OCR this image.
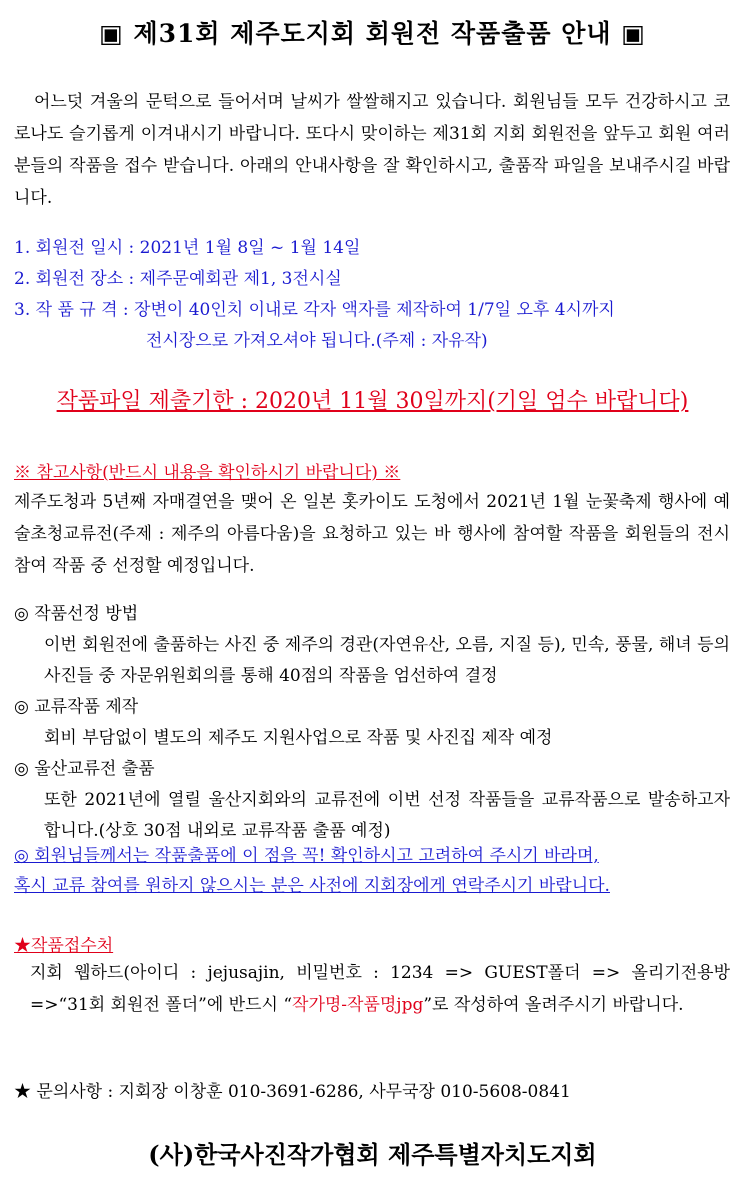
▣ 제31회 제주도지회 회원전 작품출품 안내 ▣
어느덧 겨울의 문턱으로 들어서며 날씨가 쌀쌀해지고 있습니다. 회원님들 모두 건강하시고 코로나도 슬기롭게 이겨내시기 바랍니다. 또다시 맞이하는 제31회 지회 회원전을 앞두고 회원 여러분들의 작품을 접수 받습니다. 아래의 안내사항을 잘 확인하시고, 출품작 파일을 보내주시길 바랍니다.
1. 회원전 일시 : 2021년 1월 8일 ~ 1월 14일
2. 회원전 장소 : 제주문예회관 제1, 3전시실
3. 작 품 규 격 : 장변이 40인치 이내로 각자 액자를 제작하여 1/7일 오후 4시까지
전시장으로 가져오셔야 됩니다.(주제 : 자유작)
작품파일 제출기한 : 2020년 11월 30일까지(기일 엄수 바랍니다)
※ 참고사항(반드시 내용을 확인하시기 바랍니다) ※
제주도청과 5년째 자매결연을 맺어 온 일본 홋카이도 도청에서 2021년 1월 눈꽃축제 행사에 예술초청교류전(주제 : 제주의 아름다움)을 요청하고 있는 바 행사에 참여할 작품을 회원들의 전시 참여 작품 중 선정할 예정입니다.
◎ 작품선정 방법
이번 회원전에 출품하는 사진 중 제주의 경관(자연유산, 오름, 지질 등), 민속, 풍물, 해녀 등의 사진들 중 자문위원회의를 통해 40점의 작품을 엄선하여 결정
◎ 교류작품 제작
회비 부담없이 별도의 제주도 지원사업으로 작품 및 사진집 제작 예정
◎ 울산교류전 출품
또한 2021년에 열릴 울산지회와의 교류전에 이번 선정 작품들을 교류작품으로 발송하고자 합니다.(상호 30점 내외로 교류작품 출품 예정)
◎ 회원님들께서는 작품출품에 이 점을 꼭! 확인하시고 고려하여 주시기 바라며,
혹시 교류 참여를 원하지 않으시는 분은 사전에 지회장에게 연락주시기 바랍니다.
★작품접수처
지회 웹하드(아이디 : jejusajin, 비밀번호 : 1234 => GUEST폴더 => 올리기전용방 =>“31회 회원전 폴더”에 반드시 “작가명-작품명jpg”로 작성하여 올려주시기 바랍니다.
★ 문의사항 : 지회장 이창훈 010-3691-6286, 사무국장 010-5608-0841
(사)한국사진작가협회 제주특별자치도지회
